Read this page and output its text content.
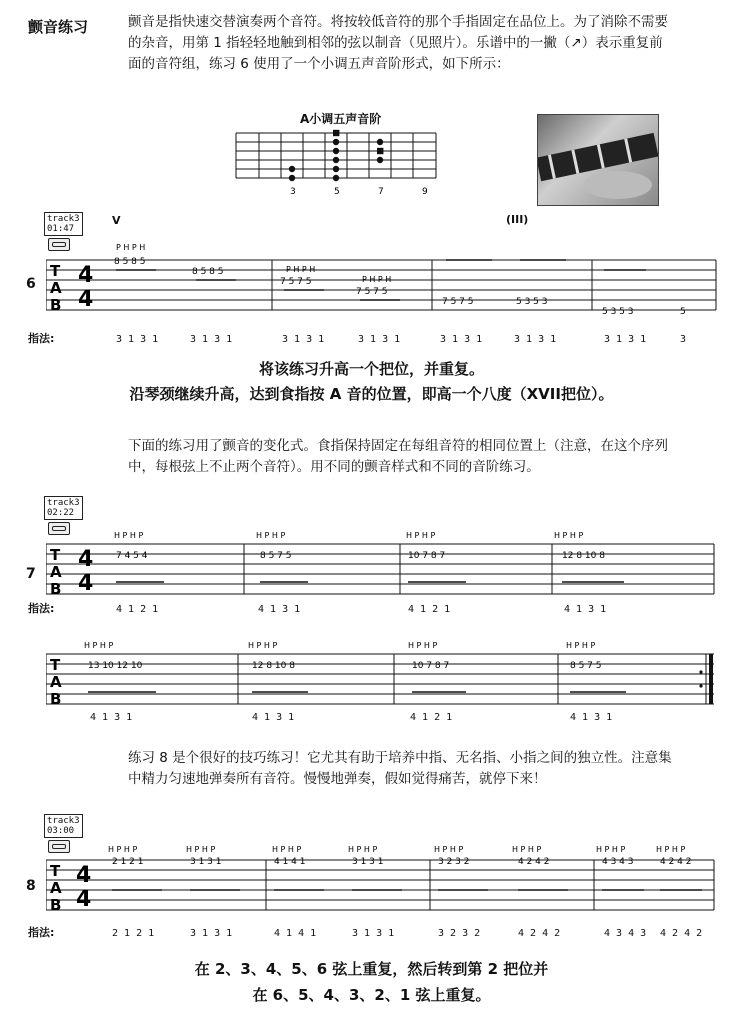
颤音练习	颤音是指快速交替演奏两个音符。将按较低音符的那个手指固定在品位上。为了消除不需要
的杂音，用第 1 指轻轻地触到相邻的弦以制音（见照片）。乐谱中的一撇（↗）表示重复前
面的音符组，练习 6 使用了一个小调五声音阶形式，如下所示：
A小调五声音阶
3	5	7	9
track3
01:47
V	(III)
6
T
A
B
4
4
8 5 8 5
8 5 8 5
7 5 7 5
7 5 7 5
7 5 7 5	5 3 5 3
5 3 5 3	5
P H P H
P H P H
P H P H
指法:	3 1 3 1	3 1 3 1	3 1 3 1	3 1 3 1	3 1 3 1	3 1 3 1	3 1 3 1	3
将该练习升高一个把位，并重复。
沿琴颈继续升高，达到食指按 A 音的位置，即高一个八度（XVII把位）。
下面的练习用了颤音的变化式。食指保持固定在每组音符的相同位置上（注意，在这个序列
中，每根弦上不止两个音符）。用不同的颤音样式和不同的音阶练习。
track3
02:22
7
T
A
B
4
4
7 4 5 4	8 5 7 5	10 7 8 7	12 8 10 8
H P H P	H P H P	H P H P	H P H P
指法:	4 1 2 1	4 1 3 1	4 1 2 1	4 1 3 1
T
A
B
13 10 12 10	12 8 10 8	10 7 8 7	8 5 7 5
H P H P	H P H P	H P H P	H P H P
4 1 3 1	4 1 3 1	4 1 2 1	4 1 3 1
练习 8 是个很好的技巧练习！它尤其有助于培养中指、无名指、小指之间的独立性。注意集
中精力匀速地弹奏所有音符。慢慢地弹奏，假如觉得痛苦，就停下来！
track3
03:00
8
T
A
B
4
4
2 1 2 1	3 1 3 1	4 1 4 1	3 1 3 1	3 2 3 2	4 2 4 2	4 3 4 3	4 2 4 2
H P H P	H P H P	H P H P	H P H P	H P H P	H P H P	H P H P	H P H P
指法:	2 1 2 1	3 1 3 1	4 1 4 1	3 1 3 1	3 2 3 2	4 2 4 2	4 3 4 3 4 2 4 2
在 2、3、4、5、6 弦上重复，然后转到第 2 把位并
在 6、5、4、3、2、1 弦上重复。
